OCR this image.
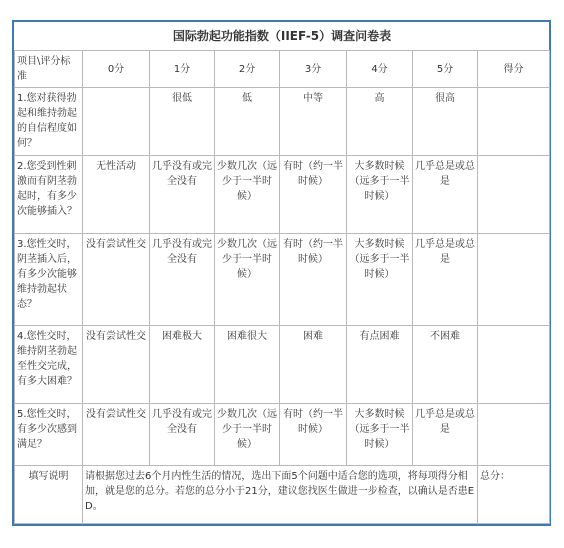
国际勃起功能指数（IIEF-5）调查问卷表							
项目\评分标准	0分	1分	2分	3分	4分	5分	得分
1.您对获得勃起和维持勃起的自信程度如何？		很低	低	中等	高	很高	
2.您受到性刺激而有阴茎勃起时，有多少次能够插入？	无性活动	几乎没有或完全没有	少数几次（远少于一半时候）	有时（约一半时候）	大多数时候（远多于一半时候）	几乎总是或总是	
3.您性交时，阴茎插入后，有多少次能够维持勃起状态？	没有尝试性交	几乎没有或完全没有	少数几次（远少于一半时候）	有时（约一半时候）	大多数时候（远多于一半时候）	几乎总是或总是	
4.您性交时，维持阴茎勃起至性交完成，有多大困难？	没有尝试性交	困难极大	困难很大	困难	有点困难	不困难	
5.您性交时，有多少次感到满足？	没有尝试性交	几乎没有或完全没有	少数几次（远少于一半时候）	有时（约一半时候）	大多数时候（远多于一半时候）	几乎总是或总是	
填写说明	请根据您过去6个月内性生活的情况，选出下面5个问题中适合您的选项，将每项得分相加，就是您的总分。若您的总分小于21分，建议您找医生做进一步检查，以确认是否患ED。						总分：
